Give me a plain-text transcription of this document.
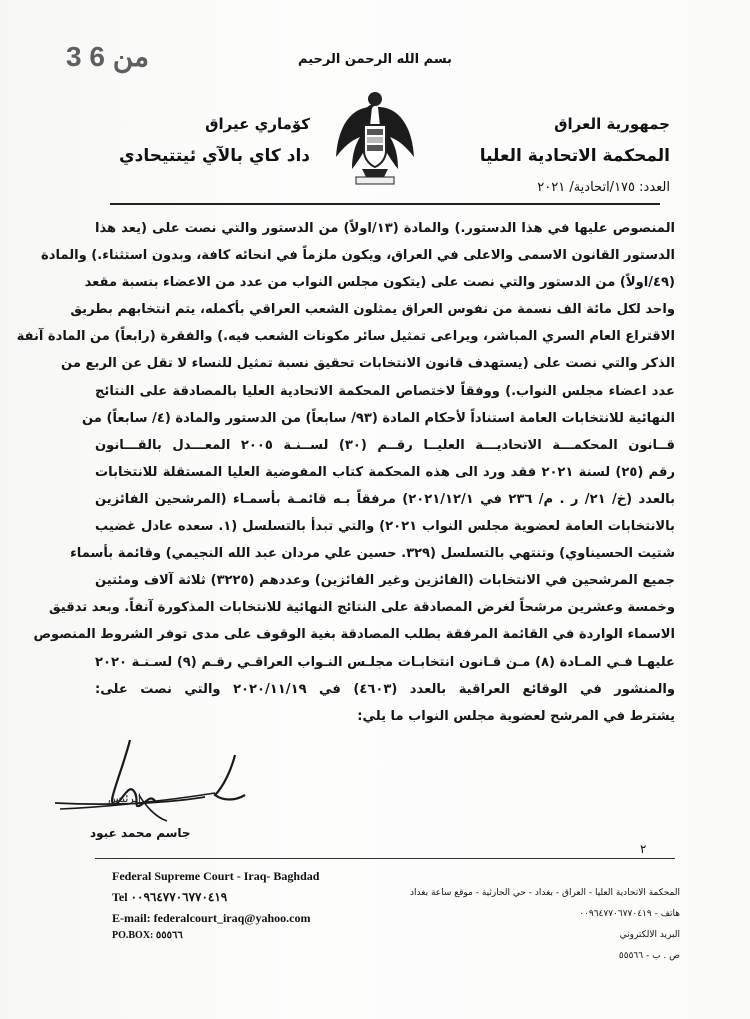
3 من 6	بسم الله الرحمن الرحيم
جمهورية العراق
المحكمة الاتحادية العليا
العدد: ١٧٥/اتحادية/ ٢٠٢١
كوٚماري عيراق
داد كاي بالآي ئيتتيحادي
المنصوص عليها في هذا الدستور.) والمادة (١٣/اولاً) من الدستور والتي نصت على (يعد هذا
الدستور القانون الاسمى والاعلى في العراق، ويكون ملزماً في انحائه كافة، وبدون استثناء.) والمادة
(٤٩/اولاً) من الدستور والتي نصت على (يتكون مجلس النواب من عدد من الاعضاء بنسبة مقعد
واحد لكل مائة الف نسمة من نفوس العراق يمثلون الشعب العراقي بأكمله، يتم انتخابهم بطريق
الاقتراع العام السري المباشر، ويراعى تمثيل سائر مكونات الشعب فيه.) والفقرة (رابعاً) من المادة آنفة
الذكر والتي نصت على (يستهدف قانون الانتخابات تحقيق نسبة تمثيل للنساء لا تقل عن الربع من
عدد اعضاء مجلس النواب.) ووفقاً لاختصاص المحكمة الاتحادية العليا بالمصادقة على النتائج
النهائية للانتخابات العامة استناداً لأحكام المادة (٩٣/ سابعاً) من الدستور والمادة (٤/ سابعاً) من
قــانون المحكمـــة الاتحاديـــة العليــا رقــم (٣٠) لســنـة ٢٠٠٥ المعـــدل بالقـــانون
رقم (٢٥) لسنة ٢٠٢١ فقد ورد الى هذه المحكمة كتاب المفوضية العليا المستقلة للانتخابات
بالعدد (خ/ ٢١/ ر . م/ ٢٣٦ في ٢٠٢١/١٢/١) مرفقاً بـه قائمـة بأسمـاء (المرشحين الفائزين
بالانتخابات العامة لعضوية مجلس النواب ٢٠٢١) والتي تبدأ بالتسلسل (١. سعده عادل غضيب
شتيت الحسيناوي) وتنتهي بالتسلسل (٣٢٩. حسين علي مردان عبد الله النجيمي) وقائمة بأسماء
جميع المرشحين في الانتخابات (الفائزين وغير الفائزين) وعددهم (٣٢٢٥) ثلاثة آلاف ومئتين
وخمسة وعشرين مرشحاً لغرض المصادقة على النتائج النهائية للانتخابات المذكورة آنفاً. وبعد تدقيق
الاسماء الواردة في القائمة المرفقة بطلب المصادقة بغية الوقوف على مدى توفر الشروط المنصوص
عليهـا فـي المـادة (٨) مـن قـانون انتخابـات مجلـس النـواب العراقـي رقـم (٩) لسـنـة ٢٠٢٠
والمنشور في الوقائع العراقية بالعدد (٤٦٠٣) في ٢٠٢٠/١١/١٩ والتي نصت على:
يشترط في المرشح لعضوية مجلس النواب ما يلي:
الرئيس
جاسم محمد عبود
٢
Federal Supreme Court - Iraq- Baghdad
Tel ٠٠٩٦٤٧٧٠٦٧٧٠٤١٩
E-mail: federalcourt_iraq@yahoo.com
PO.BOX: ٥٥٥٦٦
المحكمة الاتحادية العليا - العراق - بغداد - حي الحارثية - موقع ساعة بغداد
هاتف - ٠٠٩٦٤٧٧٠٦٧٧٠٤١٩
البريد الالكتروني
ص . ب - ٥٥٥٦٦
